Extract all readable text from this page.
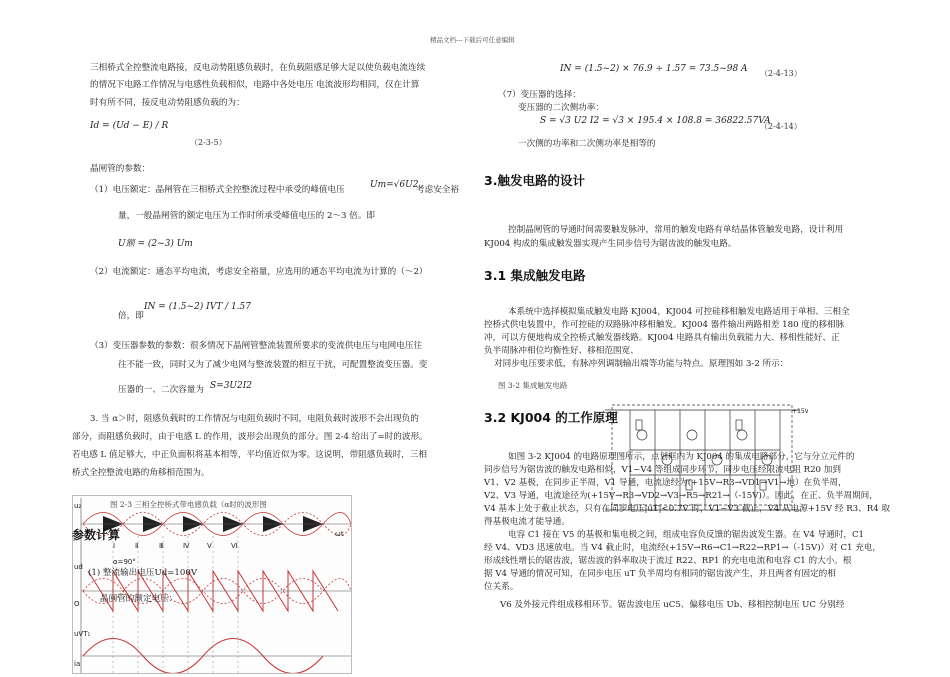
精品文档---下载后可任意编辑
三相桥式全控整流电路接，反电动势阻感负载时，在负载阻感足够大足以使负载电流连续
的情况下电路工作情况与电感性负载相似，电路中各处电压 电流波形均相同，仅在计算
时有所不同，接反电动势阻感负载的为：
Id = (Ud − E) / R
（2-3-5）
晶闸管的参数：
（1）电压额定：晶闸管在三相桥式全控整流过程中承受的峰值电压	Um=√6U2
考虑安全裕
量，一般晶闸管的额定电压为工作时所承受峰值电压的 2～3 倍。即
U额 = (2~3) Um
（2）电流额定：通态平均电流，考虑安全裕量，应选用的通态平均电流为计算的（～2）
倍，即
IN = (1.5~2) IVT / 1.57
（3）变压器参数的参数：很多情况下晶闸管整流装置所要求的变流供电压与电网电压往
往不能一致，同时又为了减少电网与整流装置的相互干扰，可配置整流变压器。变
压器的一、二次容量为 S=3U2I2
3. 当 α＞时，阻感负载时的工作情况与电阻负载时不同，电阻负载时波形不会出现负的
部分，而阻感负载时，由于电感 L 的作用，波形会出现负的部分。图 2-4 给出了=时的波形。
若电感 L 值足够大，中正负面积将基本相等，平均值近似为零。这说明，带阻感负载时，三相
桥式全控整流电路的角移相范围为。
u₂
O
ωt
α=90°
uVT₁
ud
ia
Ⅰ	Ⅱ	Ⅲ	Ⅳ	Ⅴ	Ⅵ
图 2-3 三相全控桥式带电感负载（α时的波形图
参数计算
(1) 整流输出电压Ud=100V
晶闸管的额定电压：
IN = (1.5~2) × 76.9 ÷ 1.57 = 73.5~98 A （2-4-13）
（7）变压器的选择：
变压器的二次侧功率：
S = √3 U2 I2 = √3 × 195.4 × 108.8 = 36822.57VA
（2-4-14）
一次侧的功率和二次侧功率是相等的
3.触发电路的设计
控制晶闸管的导通时间需要触发脉冲，常用的触发电路有单结晶体管触发电路，设计利用
KJ004 构成的集成触发器实现产生同步信号为锯齿波的触发电路。
3.1 集成触发电路
本系统中选择模拟集成触发电路 KJ004，KJ004 可控硅移相触发电路适用于单相、三相全
控桥式供电装置中，作可控硅的双路脉冲移相触发。KJ004 器件输出两路相差 180 度的移相脉
冲，可以方便地构成全控桥式触发器线路。KJ004 电路具有输出负载能力大、移相性能好、正
负半周脉冲相位均衡性好、移相范围宽、
对同步电压要求低，有脉冲列调制输出端等功能与特点。原理图如 3-2 所示：
图 3-2 集成触发电路
+15V
3.2 KJ004 的工作原理
如图 3-2 KJ004 的电路原理图所示，点划框内为 KJ004 的集成电路部分，它与分立元件的
同步信号为锯齿波的触发电路相似，V1~V4 等组成同步环节，同步电压经限流电阻 R20 加到
V1、V2 基极，在同步正半周，V1 导通，电流途经为(+15V→R3→VD1→V1→地）在负半周，
V2、V3 导通，电流途径为(+15V→R3→VD2→V3→R5→R21→（-15V)）。因此，在正、负半周期间，
V4 基本上处于截止状态，只有在同步电压|uT|<0.7V 时，V1~V3 截止，V4 从电源+15V 经 R3、R4 取
得基极电流才能导通。
电容 C1 接在 V5 的基极和集电极之间，组成电容负反馈的锯齿波发生器。在 V4 导通时，C1
经 V4、VD3 迅速放电。当 V4 截止时，电流经(+15V→R6→C1→R22→RP1→（-15V)）对 C1 充电，
形成线性增长的锯齿波，锯齿波的斜率取决于流过 R22、RP1 的充电电流和电容 C1 的大小。根
据 V4 导通的情况可知，在同步电压 uT 负半周均有相同的锯齿波产生，并且两者有固定的相
位关系。
V6 及外接元件组成移相环节。锯齿波电压 uC5、偏移电压 Ub、移相控制电压 UC 分别经
